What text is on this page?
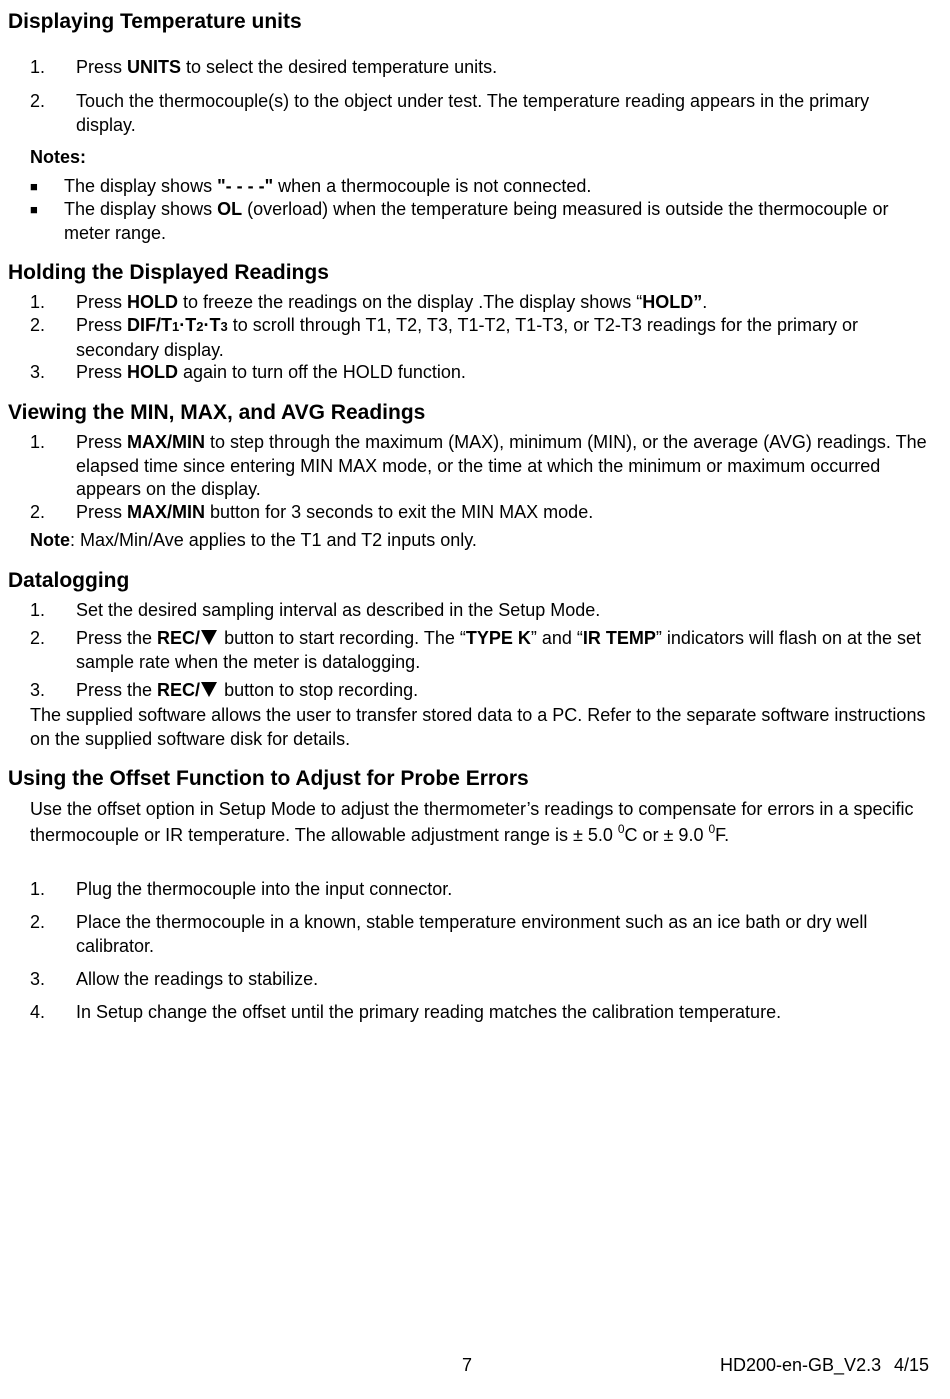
Displaying Temperature units
1. Press UNITS to select the desired temperature units.
2. Touch the thermocouple(s) to the object under test. The temperature reading appears in the primary display.
Notes:
■ The display shows "- - - -" when a thermocouple is not connected.
■ The display shows OL (overload) when the temperature being measured is outside the thermocouple or meter range.
Holding the Displayed Readings
1. Press HOLD to freeze the readings on the display .The display shows “HOLD”.
2. Press DIF/T1·T2·T3 to scroll through T1, T2, T3, T1-T2, T1-T3, or T2-T3 readings for the primary or secondary display.
3. Press HOLD again to turn off the HOLD function.
Viewing the MIN, MAX, and AVG Readings
1. Press MAX/MIN to step through the maximum (MAX), minimum (MIN), or the average (AVG) readings. The elapsed time since entering MIN MAX mode, or the time at which the minimum or maximum occurred appears on the display.
2. Press MAX/MIN button for 3 seconds to exit the MIN MAX mode.
Note: Max/Min/Ave applies to the T1 and T2 inputs only.
Datalogging
1. Set the desired sampling interval as described in the Setup Mode.
2. Press the REC/ button to start recording. The “TYPE K” and “IR TEMP” indicators will flash on at the set sample rate when the meter is datalogging.
3. Press the REC/ button to stop recording.
The supplied software allows the user to transfer stored data to a PC. Refer to the separate software instructions on the supplied software disk for details.
Using the Offset Function to Adjust for Probe Errors
Use the offset option in Setup Mode to adjust the thermometer’s readings to compensate for errors in a specific thermocouple or IR temperature. The allowable adjustment range is ± 5.0 $^0$C or ± 9.0 $^0$F.
1. Plug the thermocouple into the input connector.
2. Place the thermocouple in a known, stable temperature environment such as an ice bath or dry well calibrator.
3. Allow the readings to stabilize.
4. In Setup change the offset until the primary reading matches the calibration temperature.
7	HD200-en-GB_V2.3 4/15
